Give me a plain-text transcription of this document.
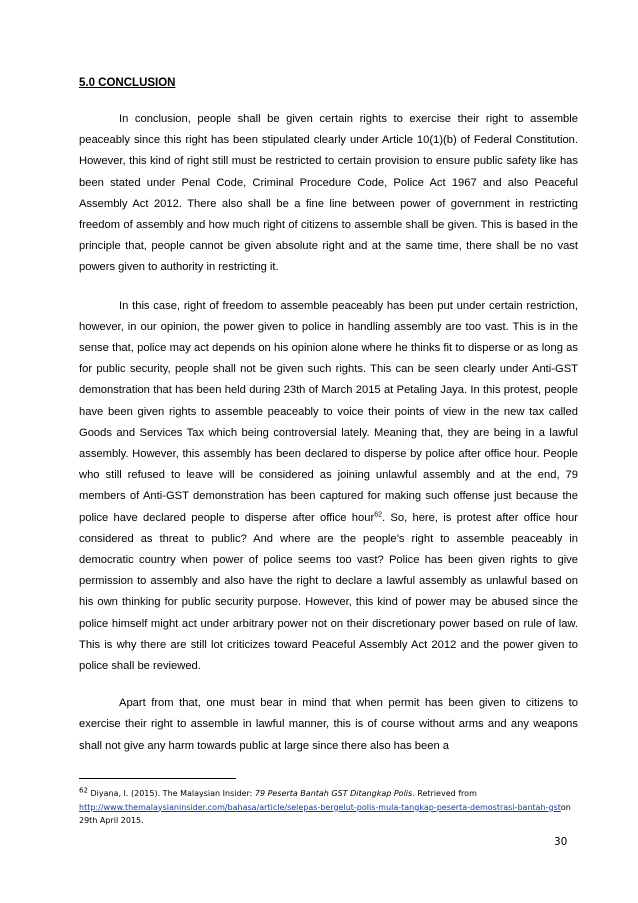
5.0 CONCLUSION

In conclusion, people shall be given certain rights to exercise their right to assemble peaceably since this right has been stipulated clearly under Article 10(1)(b) of Federal Constitution. However, this kind of right still must be restricted to certain provision to ensure public safety like has been stated under Penal Code, Criminal Procedure Code, Police Act 1967 and also Peaceful Assembly Act 2012. There also shall be a fine line between power of government in restricting freedom of assembly and how much right of citizens to assemble shall be given. This is based in the principle that, people cannot be given absolute right and at the same time, there shall be no vast powers given to authority in restricting it.

In this case, right of freedom to assemble peaceably has been put under certain restriction, however, in our opinion, the power given to police in handling assembly are too vast. This is in the sense that, police may act depends on his opinion alone where he thinks fit to disperse or as long as for public security, people shall not be given such rights. This can be seen clearly under Anti-GST demonstration that has been held during 23th of March 2015 at Petaling Jaya. In this protest, people have been given rights to assemble peaceably to voice their points of view in the new tax called Goods and Services Tax which being controversial lately. Meaning that, they are being in a lawful assembly. However, this assembly has been declared to disperse by police after office hour. People who still refused to leave will be considered as joining unlawful assembly and at the end, 79 members of Anti-GST demonstration has been captured for making such offense just because the police have declared people to disperse after office hour$^{62}$. So, here, is protest after office hour considered as threat to public? And where are the people’s right to assemble peaceably in democratic country when power of police seems too vast? Police has been given rights to give permission to assembly and also have the right to declare a lawful assembly as unlawful based on his own thinking for public security purpose. However, this kind of power may be abused since the police himself might act under arbitrary power not on their discretionary power based on rule of law. This is why there are still lot criticizes toward Peaceful Assembly Act 2012 and the power given to police shall be reviewed.

Apart from that, one must bear in mind that when permit has been given to citizens to exercise their right to assemble in lawful manner, this is of course without arms and any weapons shall not give any harm towards public at large since there also has been a

$^{62}$ Diyana, I. (2015). The Malaysian Insider: 79 Peserta Bantah GST Ditangkap Polis. Retrieved from http://www.themalaysianinsider.com/bahasa/article/selepas-bergelut-polis-mula-tangkap-peserta-demostrasi-bantah-gston 29th April 2015.

30
